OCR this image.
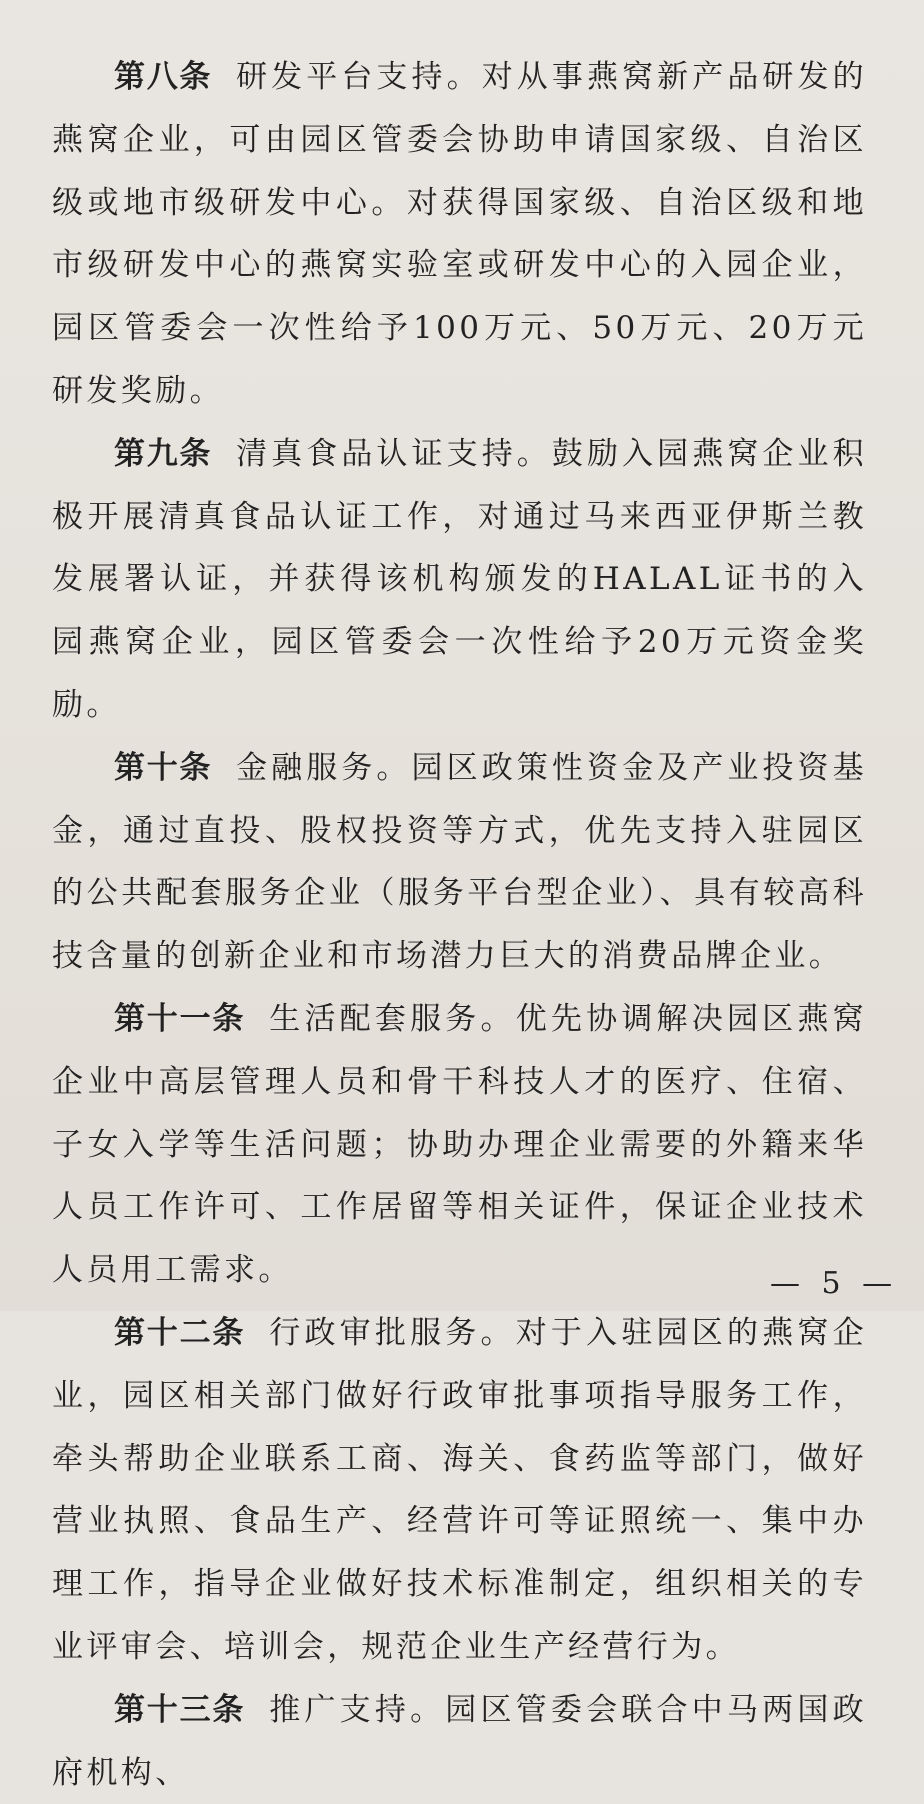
第八条 研发平台支持。对从事燕窝新产品研发的燕窝企业，可由园区管委会协助申请国家级、自治区级或地市级研发中心。对获得国家级、自治区级和地市级研发中心的燕窝实验室或研发中心的入园企业，园区管委会一次性给予100万元、50万元、20万元研发奖励。

第九条 清真食品认证支持。鼓励入园燕窝企业积极开展清真食品认证工作，对通过马来西亚伊斯兰教发展署认证，并获得该机构颁发的HALAL证书的入园燕窝企业，园区管委会一次性给予20万元资金奖励。

第十条 金融服务。园区政策性资金及产业投资基金，通过直投、股权投资等方式，优先支持入驻园区的公共配套服务企业（服务平台型企业）、具有较高科技含量的创新企业和市场潜力巨大的消费品牌企业。

第十一条 生活配套服务。优先协调解决园区燕窝企业中高层管理人员和骨干科技人才的医疗、住宿、子女入学等生活问题；协助办理企业需要的外籍来华人员工作许可、工作居留等相关证件，保证企业技术人员用工需求。

第十二条 行政审批服务。对于入驻园区的燕窝企业，园区相关部门做好行政审批事项指导服务工作，牵头帮助企业联系工商、海关、食药监等部门，做好营业执照、食品生产、经营许可等证照统一、集中办理工作，指导企业做好技术标准制定，组织相关的专业评审会、培训会，规范企业生产经营行为。

第十三条 推广支持。园区管委会联合中马两国政府机构、

— 5 —
